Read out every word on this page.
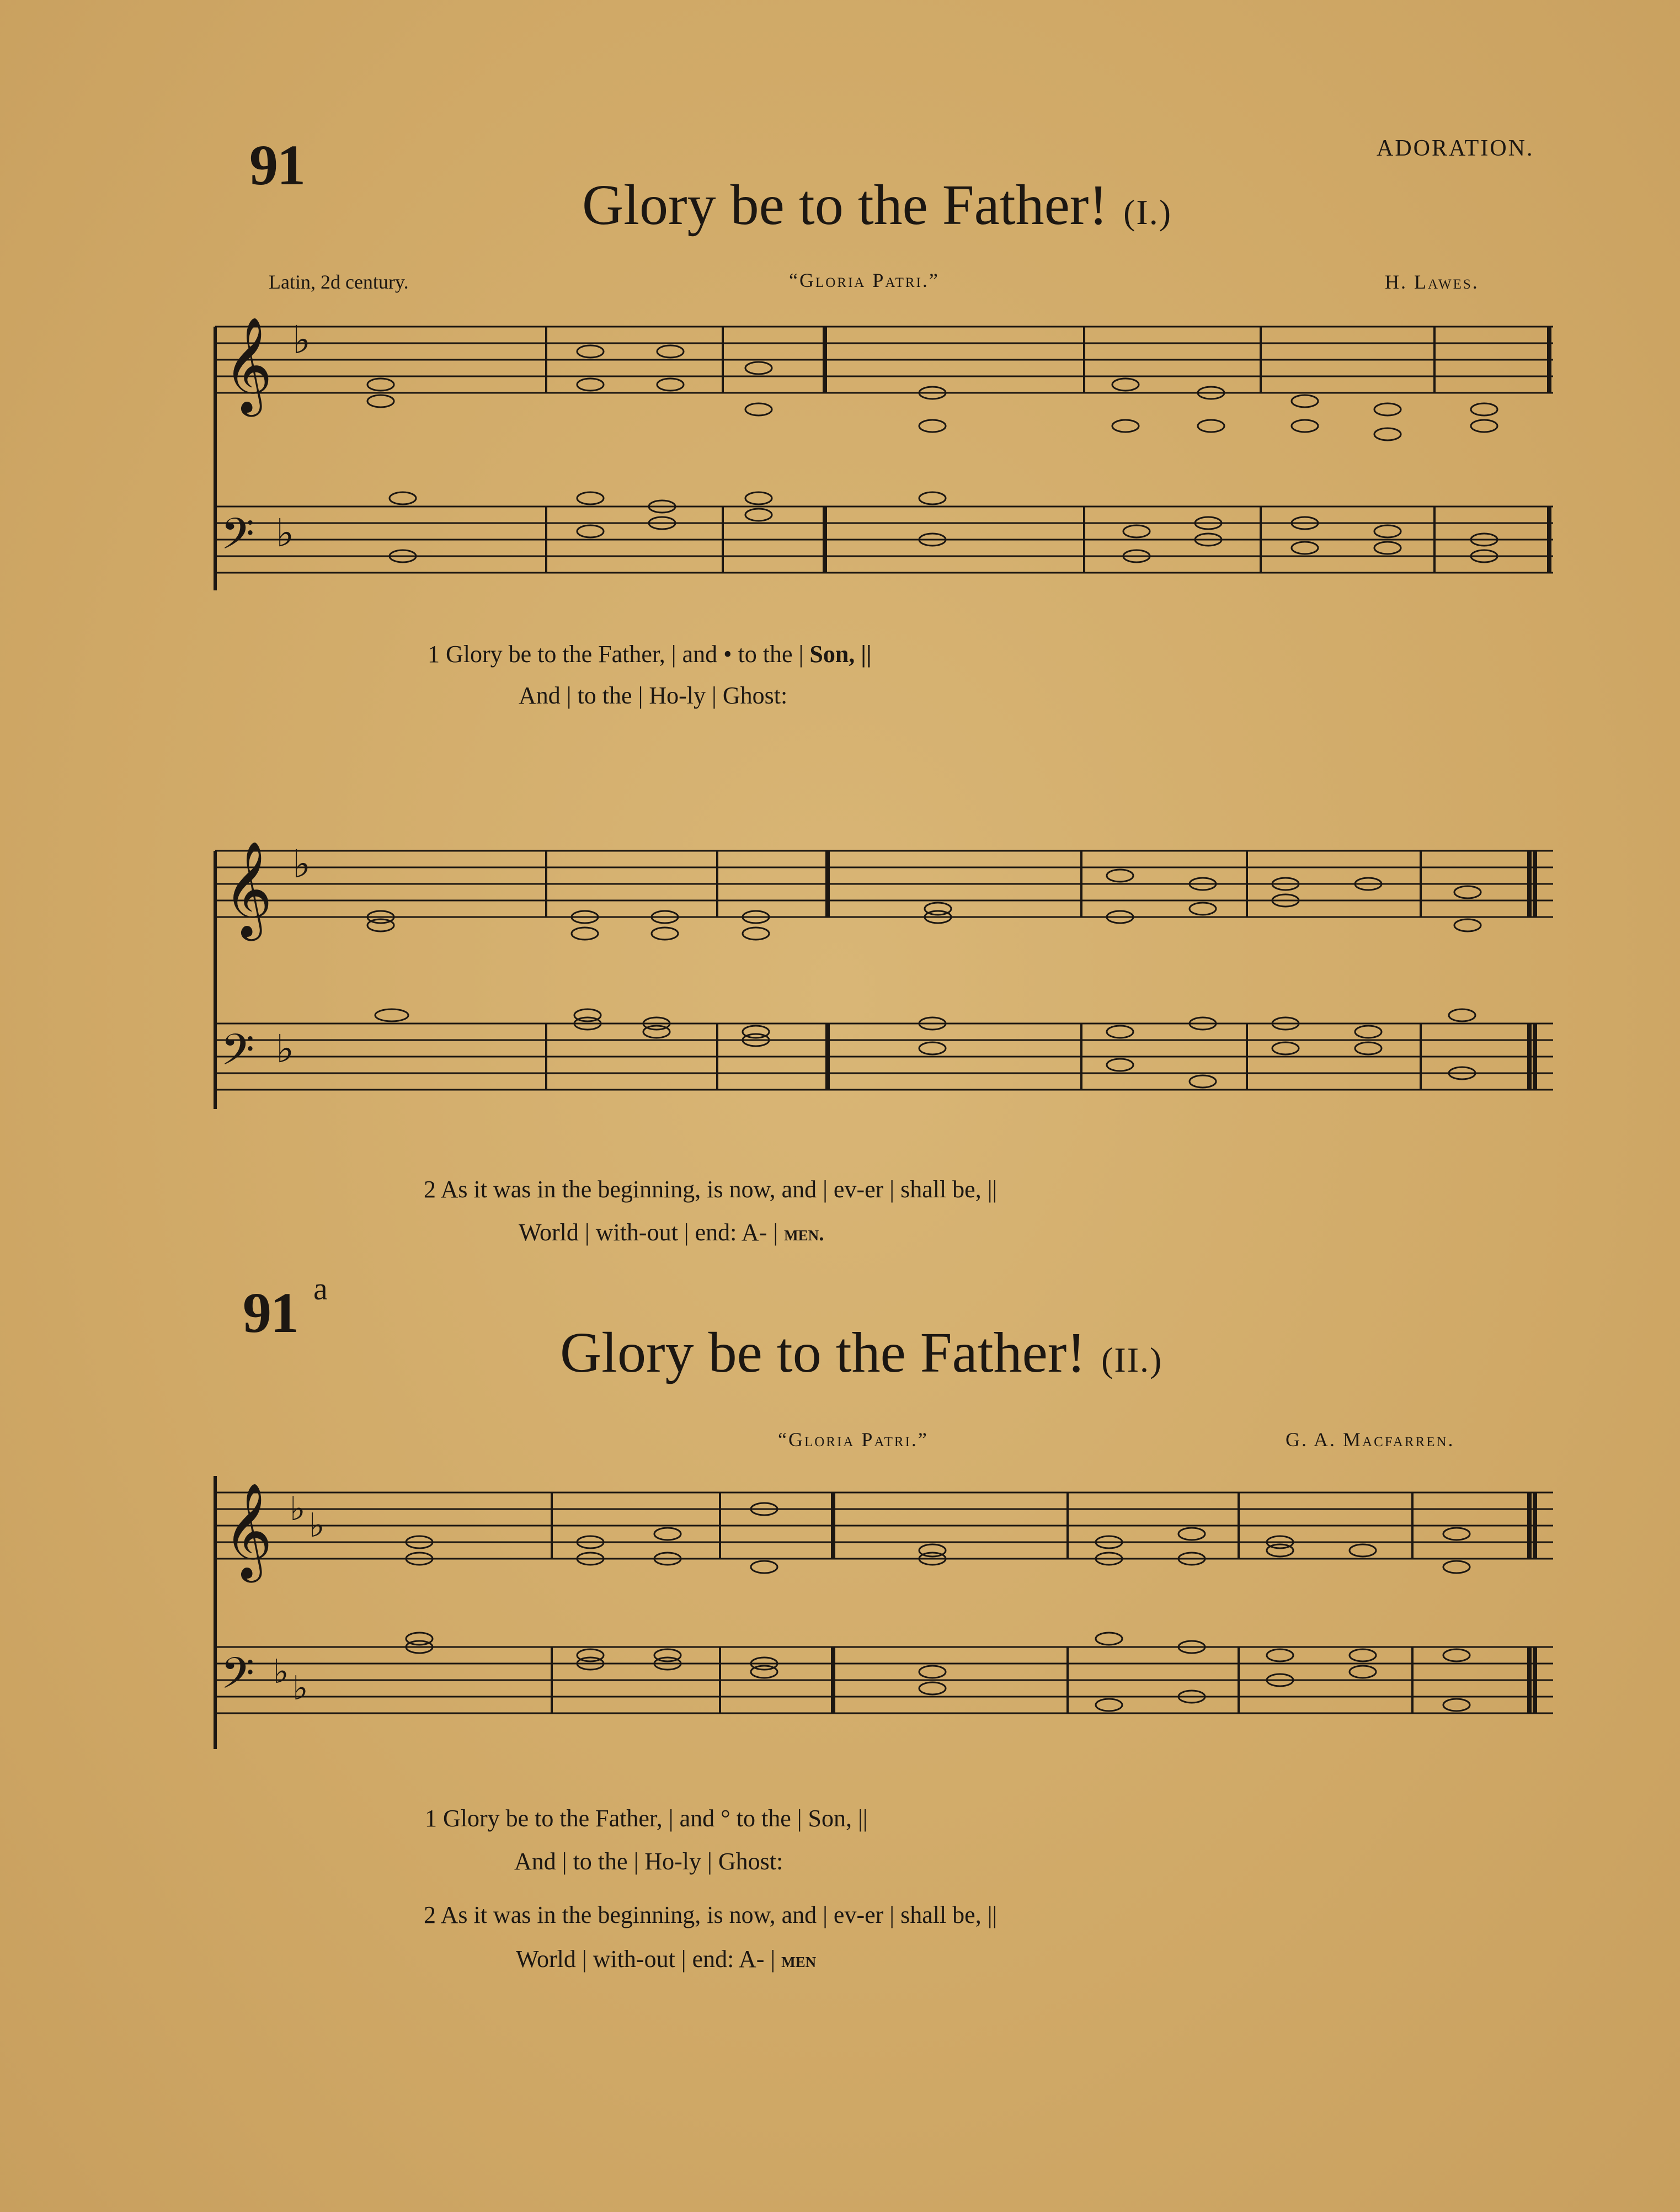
ADORATION.
91
Glory be to the Father! (I.)
Latin, 2d century.	“Gloria Patri.”	H. Lawes.
𝄞 ♭
𝄢 ♭
𝄞 ♭
𝄢 ♭
𝄞 ♭ ♭
𝄢 ♭ ♭
1 Glory be to the Father, | and • to the | Son, ||
And | to the | Ho-ly | Ghost:
2 As it was in the beginning, is now, and | ev-er | shall be, ||
World | with-out | end: A- | men.
91 a
Glory be to the Father! (II.)
“Gloria Patri.”	G. A. Macfarren.
1 Glory be to the Father, | and ° to the | Son, ||
And | to the | Ho-ly | Ghost:
2 As it was in the beginning, is now, and | ev-er | shall be, ||
World | with-out | end: A- | men
